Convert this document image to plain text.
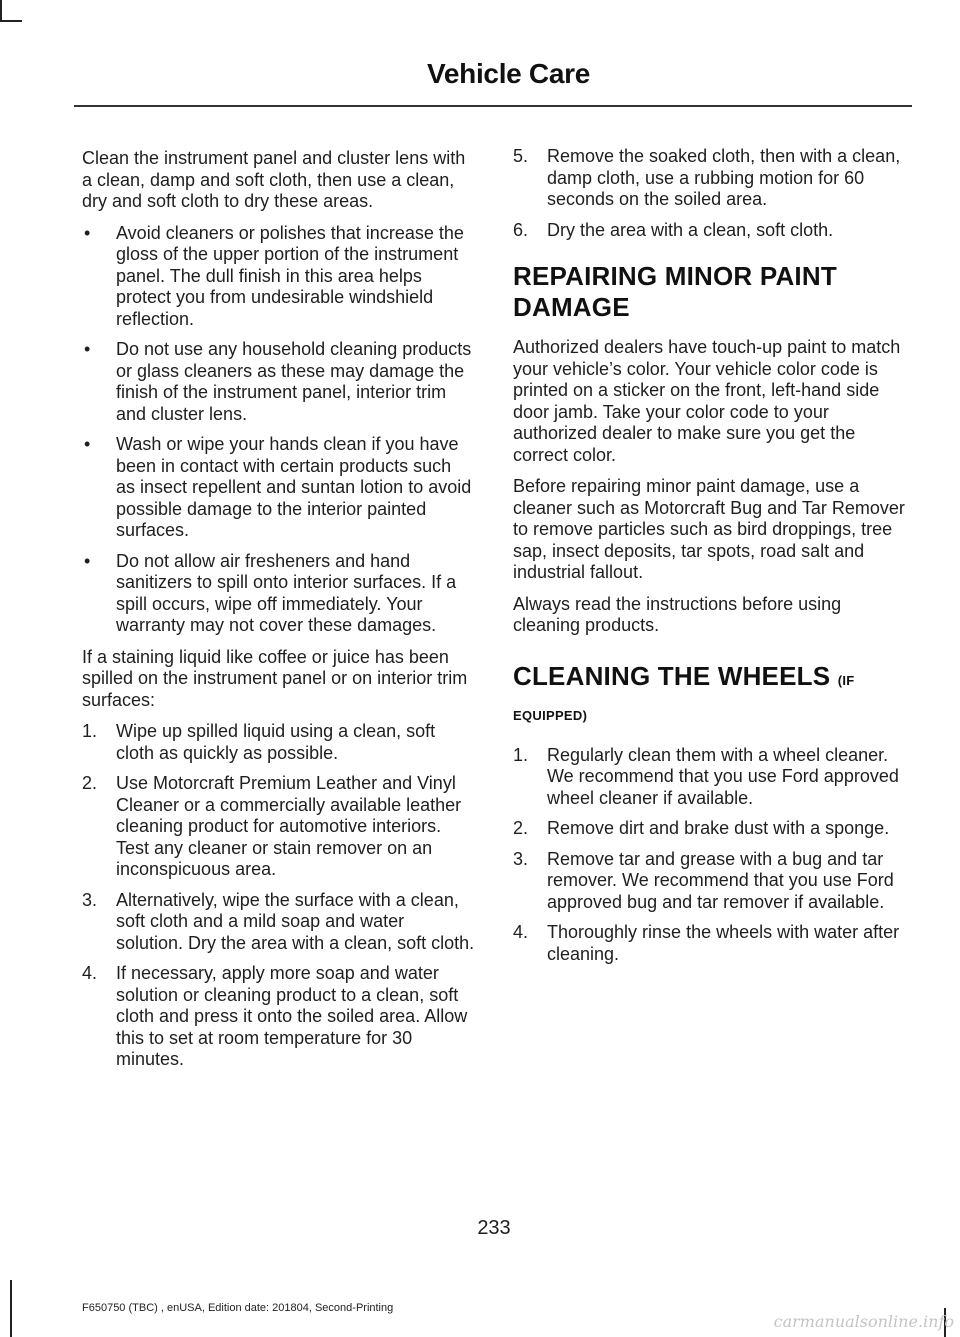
Vehicle Care

Clean the instrument panel and cluster lens with a clean, damp and soft cloth, then use a clean, dry and soft cloth to dry these areas.

• Avoid cleaners or polishes that increase the gloss of the upper portion of the instrument panel. The dull finish in this area helps protect you from undesirable windshield reflection.
• Do not use any household cleaning products or glass cleaners as these may damage the finish of the instrument panel, interior trim and cluster lens.
• Wash or wipe your hands clean if you have been in contact with certain products such as insect repellent and suntan lotion to avoid possible damage to the interior painted surfaces.
• Do not allow air fresheners and hand sanitizers to spill onto interior surfaces. If a spill occurs, wipe off immediately. Your warranty may not cover these damages.

If a staining liquid like coffee or juice has been spilled on the instrument panel or on interior trim surfaces:

1. Wipe up spilled liquid using a clean, soft cloth as quickly as possible.
2. Use Motorcraft Premium Leather and Vinyl Cleaner or a commercially available leather cleaning product for automotive interiors. Test any cleaner or stain remover on an inconspicuous area.
3. Alternatively, wipe the surface with a clean, soft cloth and a mild soap and water solution. Dry the area with a clean, soft cloth.
4. If necessary, apply more soap and water solution or cleaning product to a clean, soft cloth and press it onto the soiled area. Allow this to set at room temperature for 30 minutes.
5. Remove the soaked cloth, then with a clean, damp cloth, use a rubbing motion for 60 seconds on the soiled area.
6. Dry the area with a clean, soft cloth.
REPAIRING MINOR PAINT
DAMAGE

Authorized dealers have touch-up paint to match your vehicle’s color. Your vehicle color code is printed on a sticker on the front, left-hand side door jamb. Take your color code to your authorized dealer to make sure you get the correct color.

Before repairing minor paint damage, use a cleaner such as Motorcraft Bug and Tar Remover to remove particles such as bird droppings, tree sap, insect deposits, tar spots, road salt and industrial fallout.

Always read the instructions before using cleaning products.

CLEANING THE WHEELS (IF
EQUIPPED)
1. Regularly clean them with a wheel cleaner. We recommend that you use Ford approved wheel cleaner if available.
2. Remove dirt and brake dust with a sponge.
3. Remove tar and grease with a bug and tar remover. We recommend that you use Ford approved bug and tar remover if available.
4. Thoroughly rinse the wheels with water after cleaning.
233
F650750 (TBC) , enUSA, Edition date: 201804, Second-Printing
carmanualsonline.info
